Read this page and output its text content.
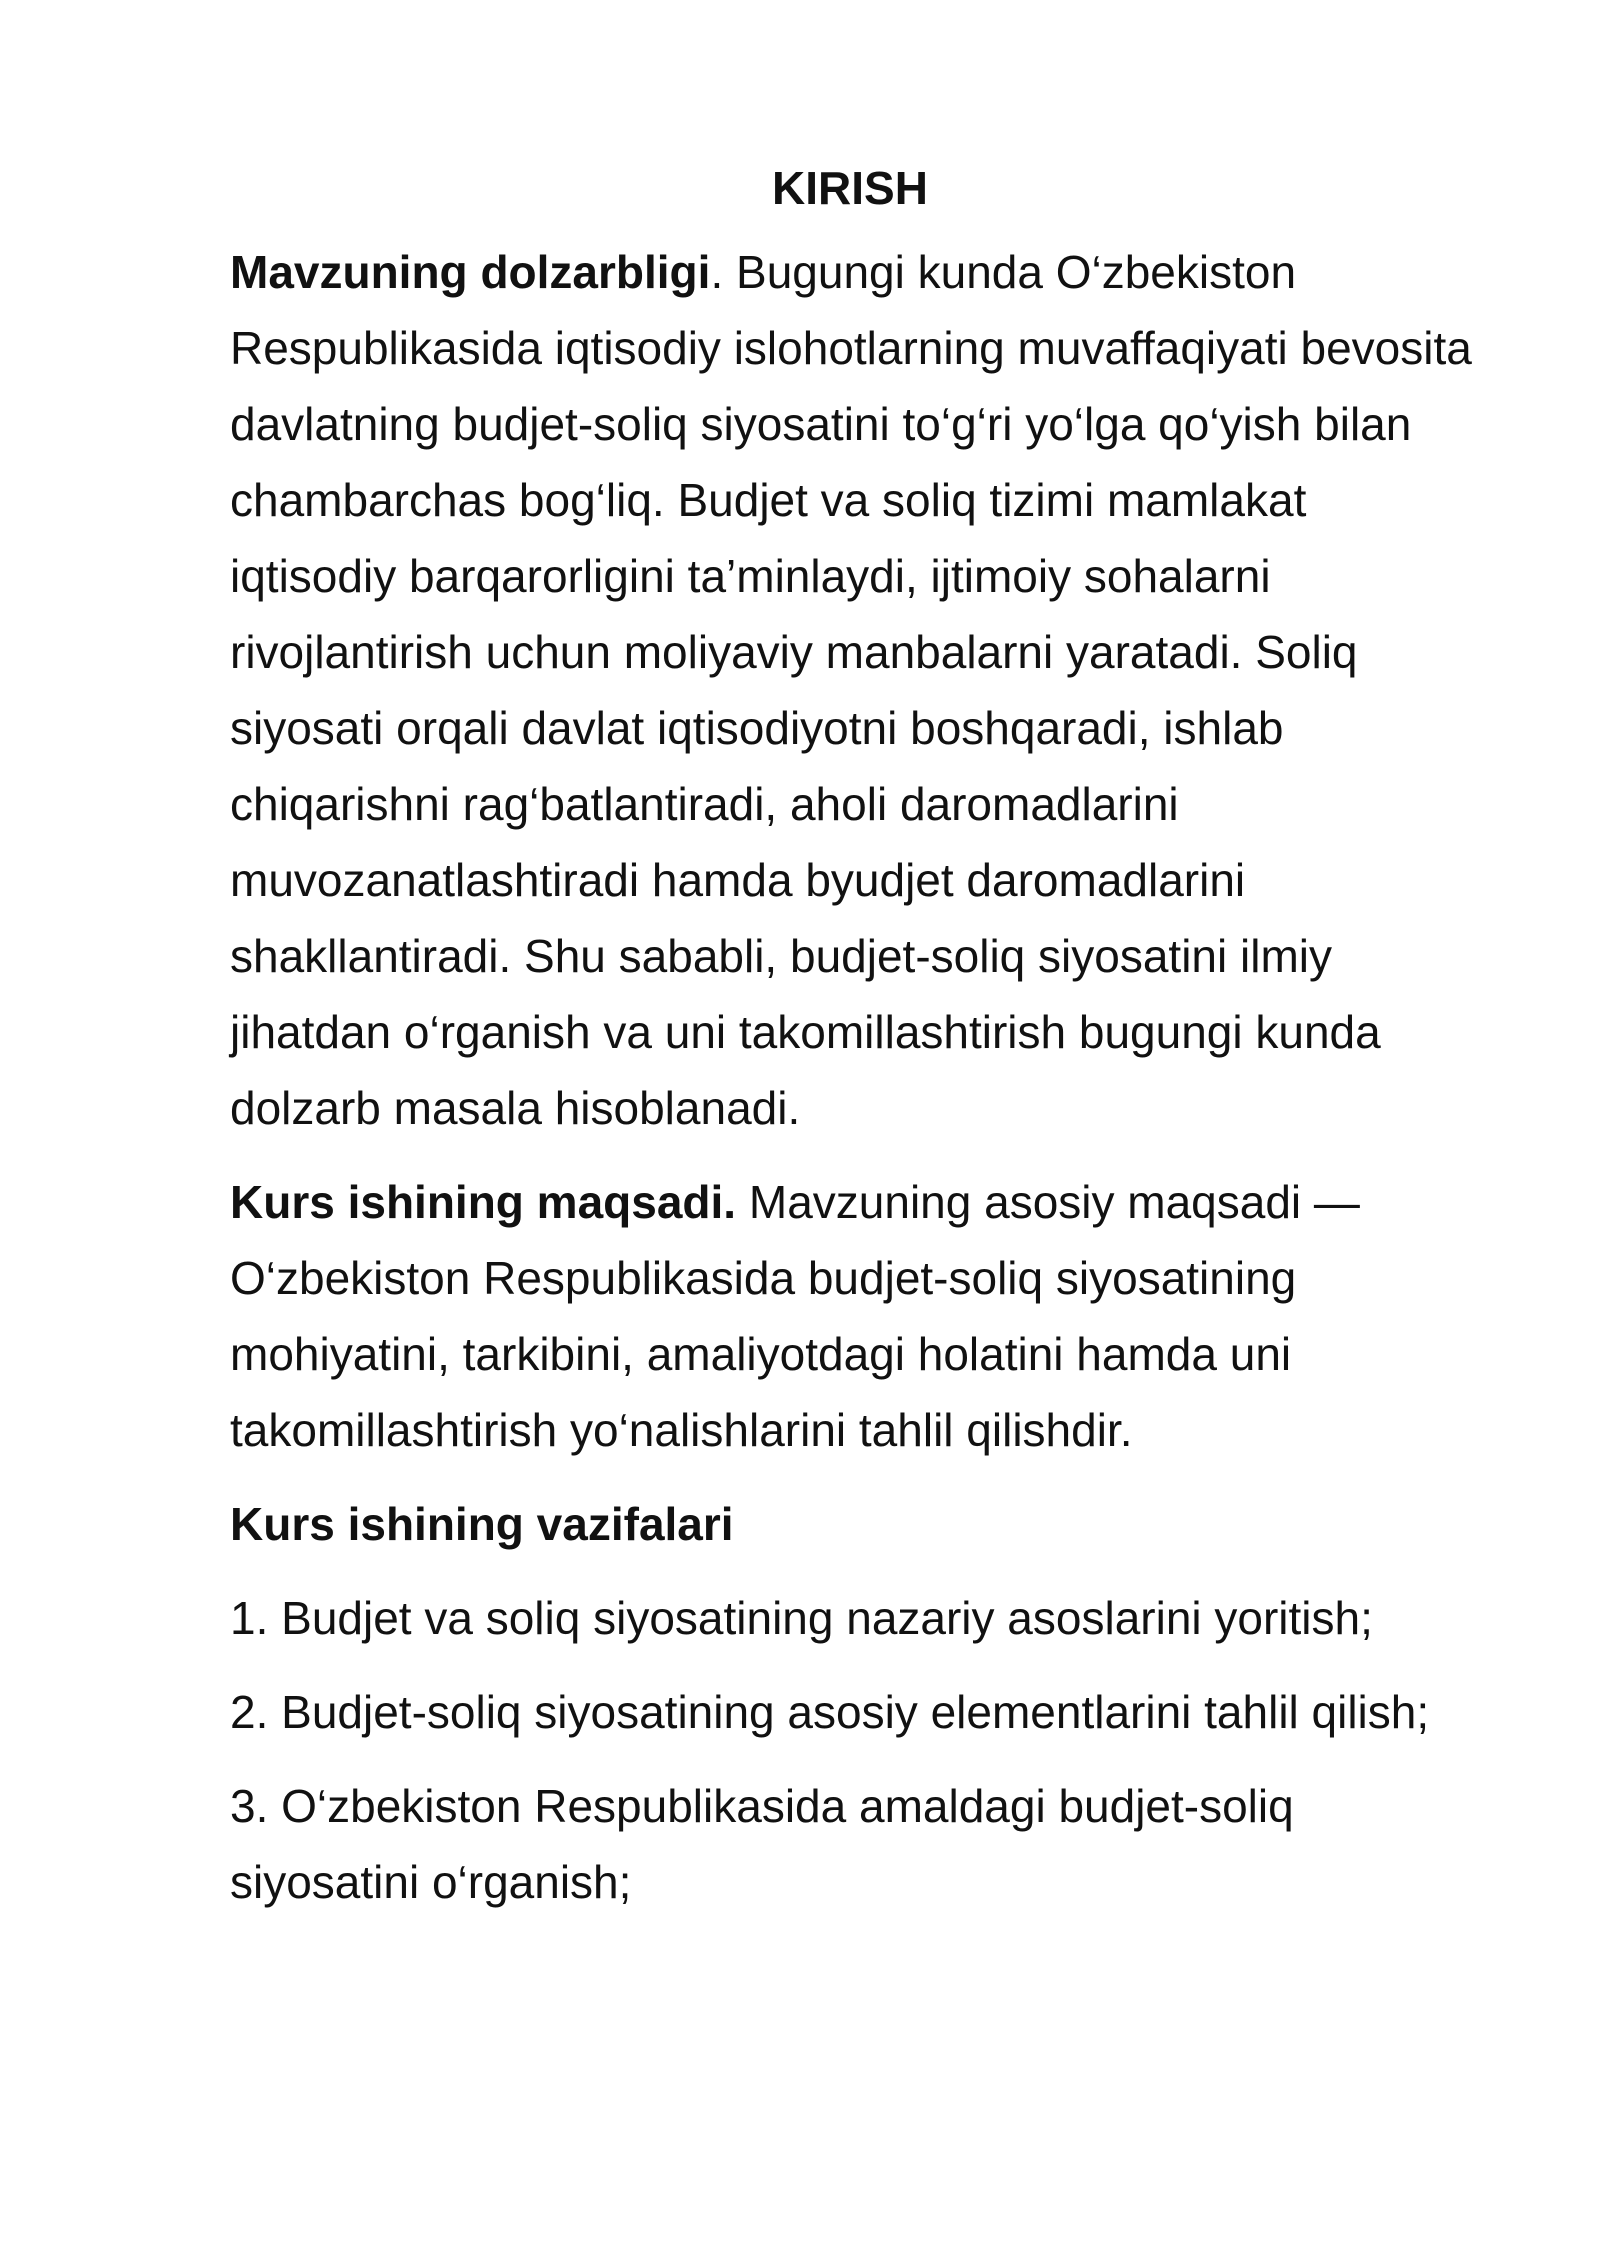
KIRISH

Mavzuning dolzarbligi. Bugungi kunda O‘zbekiston Respublikasida iqtisodiy islohotlarning muvaffaqiyati bevosita davlatning budjet-soliq siyosatini to‘g‘ri yo‘lga qo‘yish bilan chambarchas bog‘liq. Budjet va soliq tizimi mamlakat iqtisodiy barqarorligini ta’minlaydi, ijtimoiy sohalarni rivojlantirish uchun moliyaviy manbalarni yaratadi. Soliq siyosati orqali davlat iqtisodiyotni boshqaradi, ishlab chiqarishni rag‘batlantiradi, aholi daromadlarini muvozanatlashtiradi hamda byudjet daromadlarini shakllantiradi. Shu sababli, budjet-soliq siyosatini ilmiy jihatdan o‘rganish va uni takomillashtirish bugungi kunda dolzarb masala hisoblanadi.

Kurs ishining maqsadi. Mavzuning asosiy maqsadi — O‘zbekiston Respublikasida budjet-soliq siyosatining mohiyatini, tarkibini, amaliyotdagi holatini hamda uni takomillashtirish yo‘nalishlarini tahlil qilishdir.

Kurs ishining vazifalari
1. Budjet va soliq siyosatining nazariy asoslarini yoritish;
2. Budjet-soliq siyosatining asosiy elementlarini tahlil qilish;
3. O‘zbekiston Respublikasida amaldagi budjet-soliq siyosatini o‘rganish;
